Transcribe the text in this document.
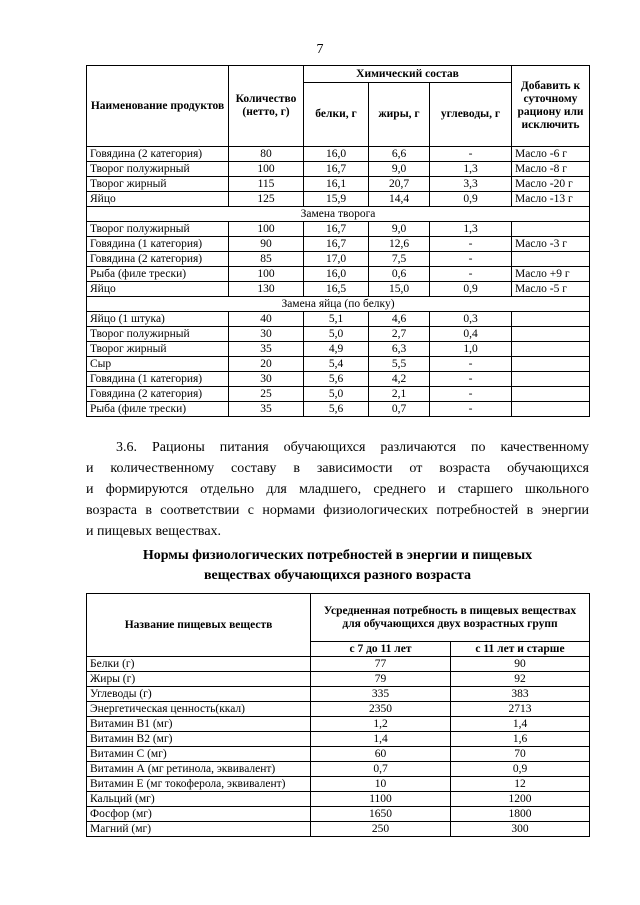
7
Наименование продуктов	Количество (нетто, г)	Химический состав			Добавить к суточному рациону или исключить
		белки, г	жиры, г	углеводы, г	
Говядина (2 категория)	80	16,0	6,6	-	Масло -6 г
Творог полужирный	100	16,7	9,0	1,3	Масло -8 г
Творог жирный	115	16,1	20,7	3,3	Масло -20 г
Яйцо	125	15,9	14,4	0,9	Масло -13 г
Замена творога					
Творог полужирный	100	16,7	9,0	1,3	
Говядина (1 категория)	90	16,7	12,6	-	Масло -3 г
Говядина (2 категория)	85	17,0	7,5	-	
Рыба (филе трески)	100	16,0	0,6	-	Масло +9 г
Яйцо	130	16,5	15,0	0,9	Масло -5 г
Замена яйца (по белку)					
Яйцо (1 штука)	40	5,1	4,6	0,3	
Творог полужирный	30	5,0	2,7	0,4	
Творог жирный	35	4,9	6,3	1,0	
Сыр	20	5,4	5,5	-	
Говядина (1 категория)	30	5,6	4,2	-	
Говядина (2 категория)	25	5,0	2,1	-	
Рыба (филе трески)	35	5,6	0,7	-	
3.6. Рационы питания обучающихся различаются по качественному
и количественному составу в зависимости от возраста обучающихся
и формируются отдельно для младшего, среднего и старшего школьного
возраста в соответствии с нормами физиологических потребностей в энергии
и пищевых веществах.
Нормы физиологических потребностей в энергии и пищевых
веществах обучающихся разного возраста
Название пищевых веществ	Усредненная потребность в пищевых веществах для обучающихся двух возрастных групп	
	с 7 до 11 лет	с 11 лет и старше
Белки (г)	77	90
Жиры (г)	79	92
Углеводы (г)	335	383
Энергетическая ценность(ккал)	2350	2713
Витамин В1 (мг)	1,2	1,4
Витамин В2 (мг)	1,4	1,6
Витамин С (мг)	60	70
Витамин А (мг ретинола, эквивалент)	0,7	0,9
Витамин Е (мг токоферола, эквивалент)	10	12
Кальций (мг)	1100	1200
Фосфор (мг)	1650	1800
Магний (мг)	250	300
